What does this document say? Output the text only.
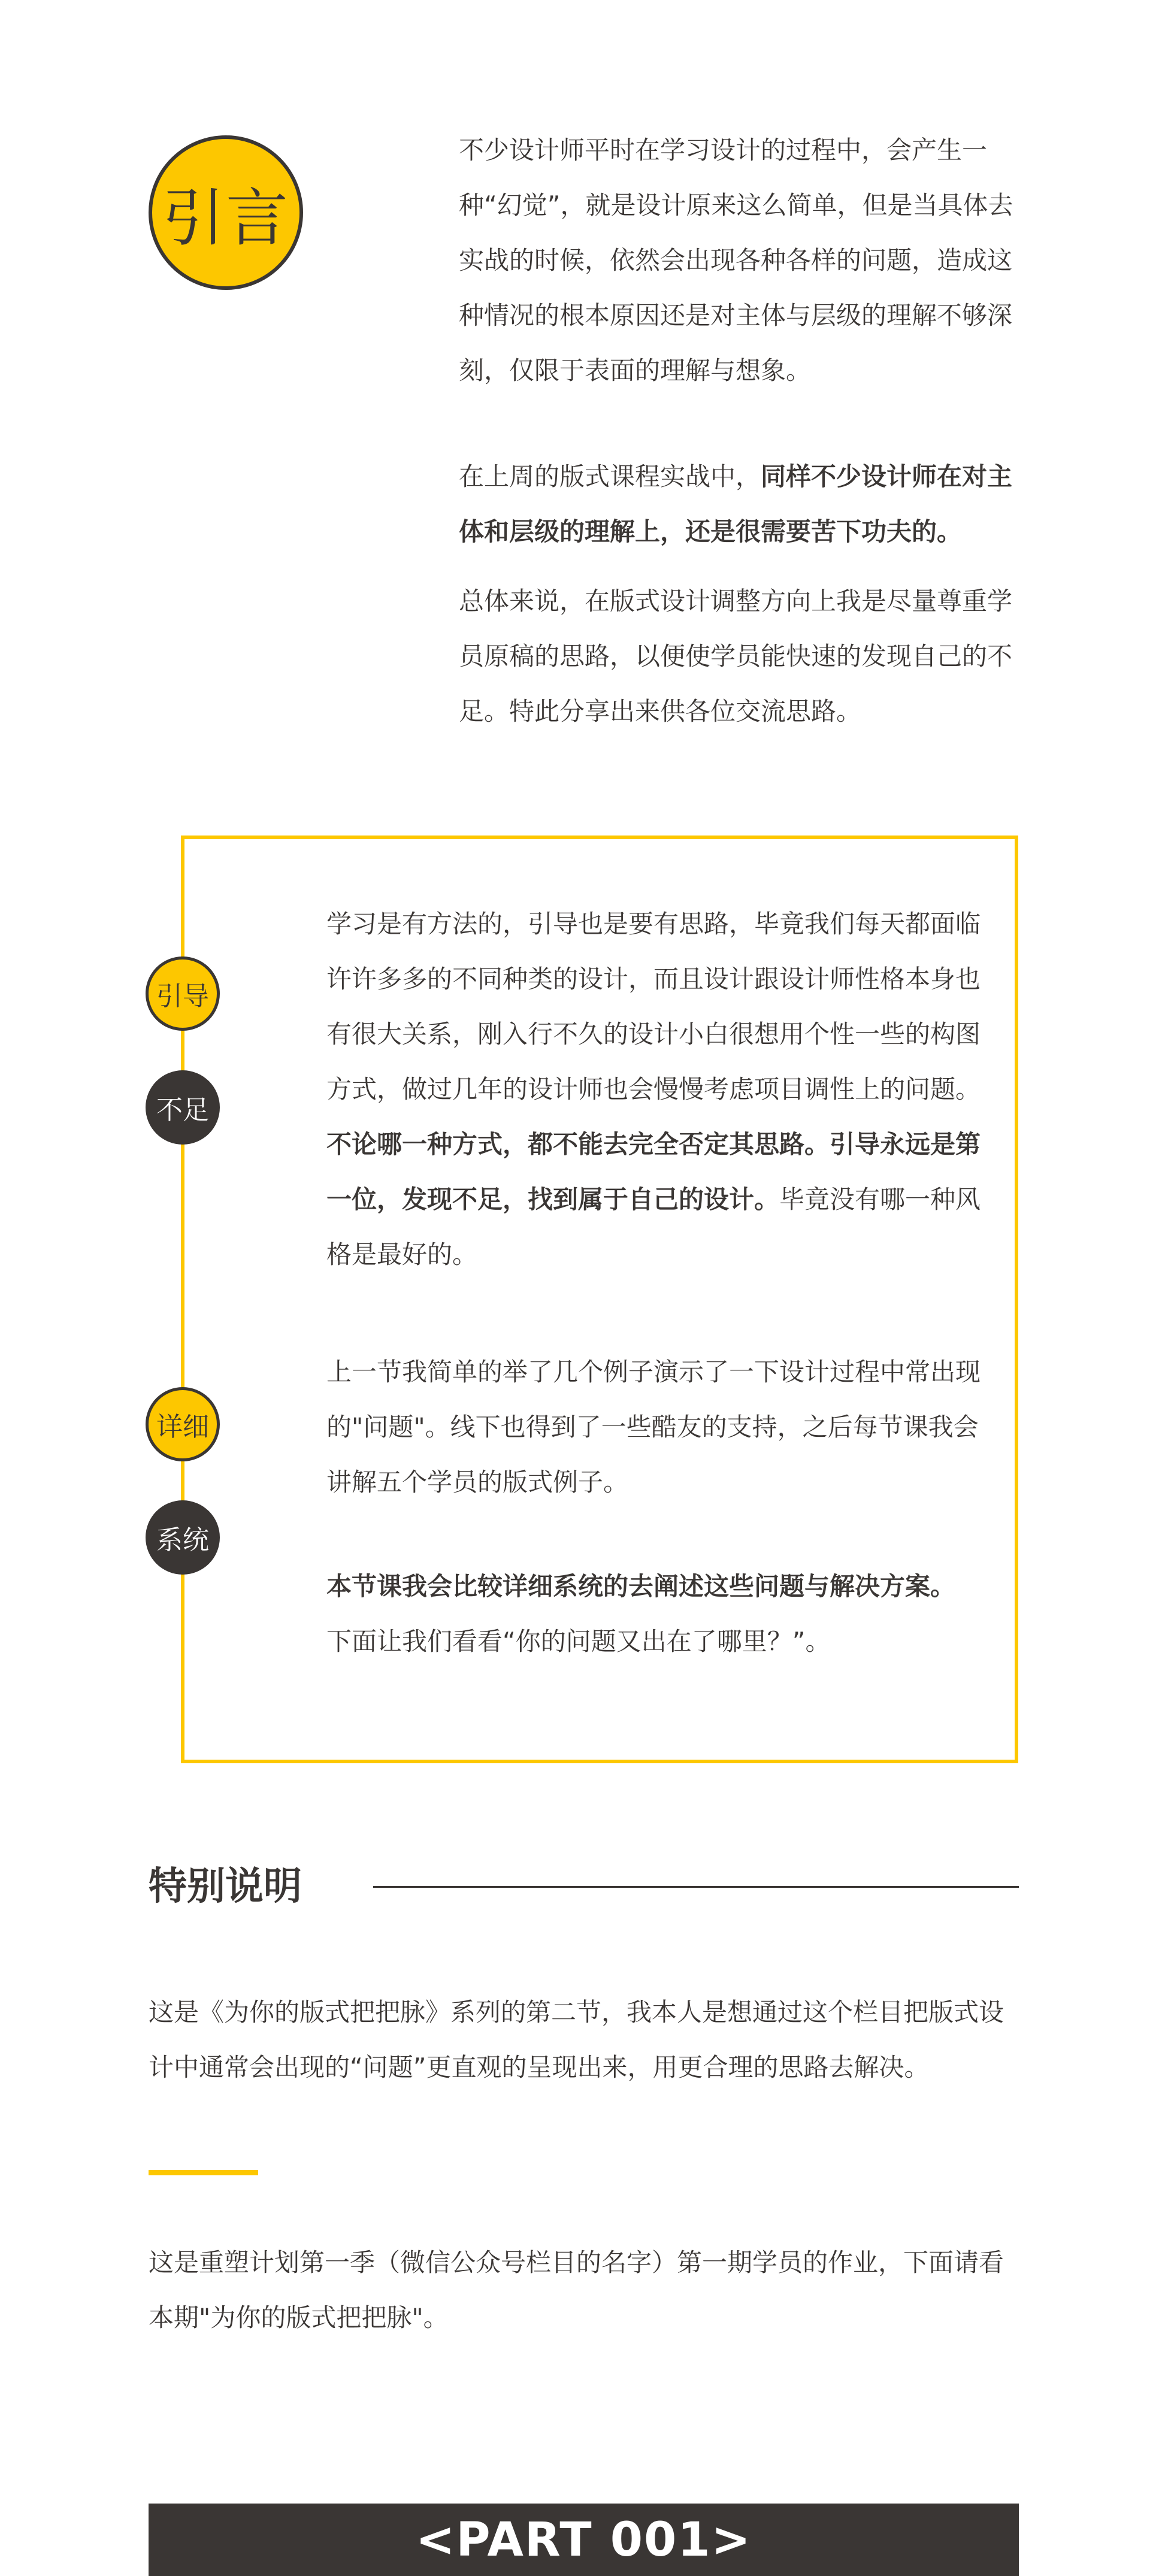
引言

不少设计师平时在学习设计的过程中，会产生一种“幻觉”，就是设计原来这么简单，但是当具体去实战的时候，依然会出现各种各样的问题，造成这种情况的根本原因还是对主体与层级的理解不够深刻，仅限于表面的理解与想象。

在上周的版式课程实战中，同样不少设计师在对主体和层级的理解上，还是很需要苦下功夫的。

总体来说，在版式设计调整方向上我是尽量尊重学员原稿的思路，以便使学员能快速的发现自己的不足。特此分享出来供各位交流思路。

引导
不足
详细
系统

学习是有方法的，引导也是要有思路，毕竟我们每天都面临许许多多的不同种类的设计，而且设计跟设计师性格本身也有很大关系，刚入行不久的设计小白很想用个性一些的构图方式，做过几年的设计师也会慢慢考虑项目调性上的问题。不论哪一种方式，都不能去完全否定其思路。引导永远是第一位，发现不足，找到属于自己的设计。毕竟没有哪一种风格是最好的。

上一节我简单的举了几个例子演示了一下设计过程中常出现的"问题"。线下也得到了一些酷友的支持，之后每节课我会讲解五个学员的版式例子。

本节课我会比较详细系统的去阐述这些问题与解决方案。
下面让我们看看“你的问题又出在了哪里？”。

特别说明

这是《为你的版式把把脉》系列的第二节，我本人是想通过这个栏目把版式设计中通常会出现的“问题”更直观的呈现出来，用更合理的思路去解决。

这是重塑计划第一季（微信公众号栏目的名字）第一期学员的作业，下面请看本期"为你的版式把把脉"。

<PART 001>
